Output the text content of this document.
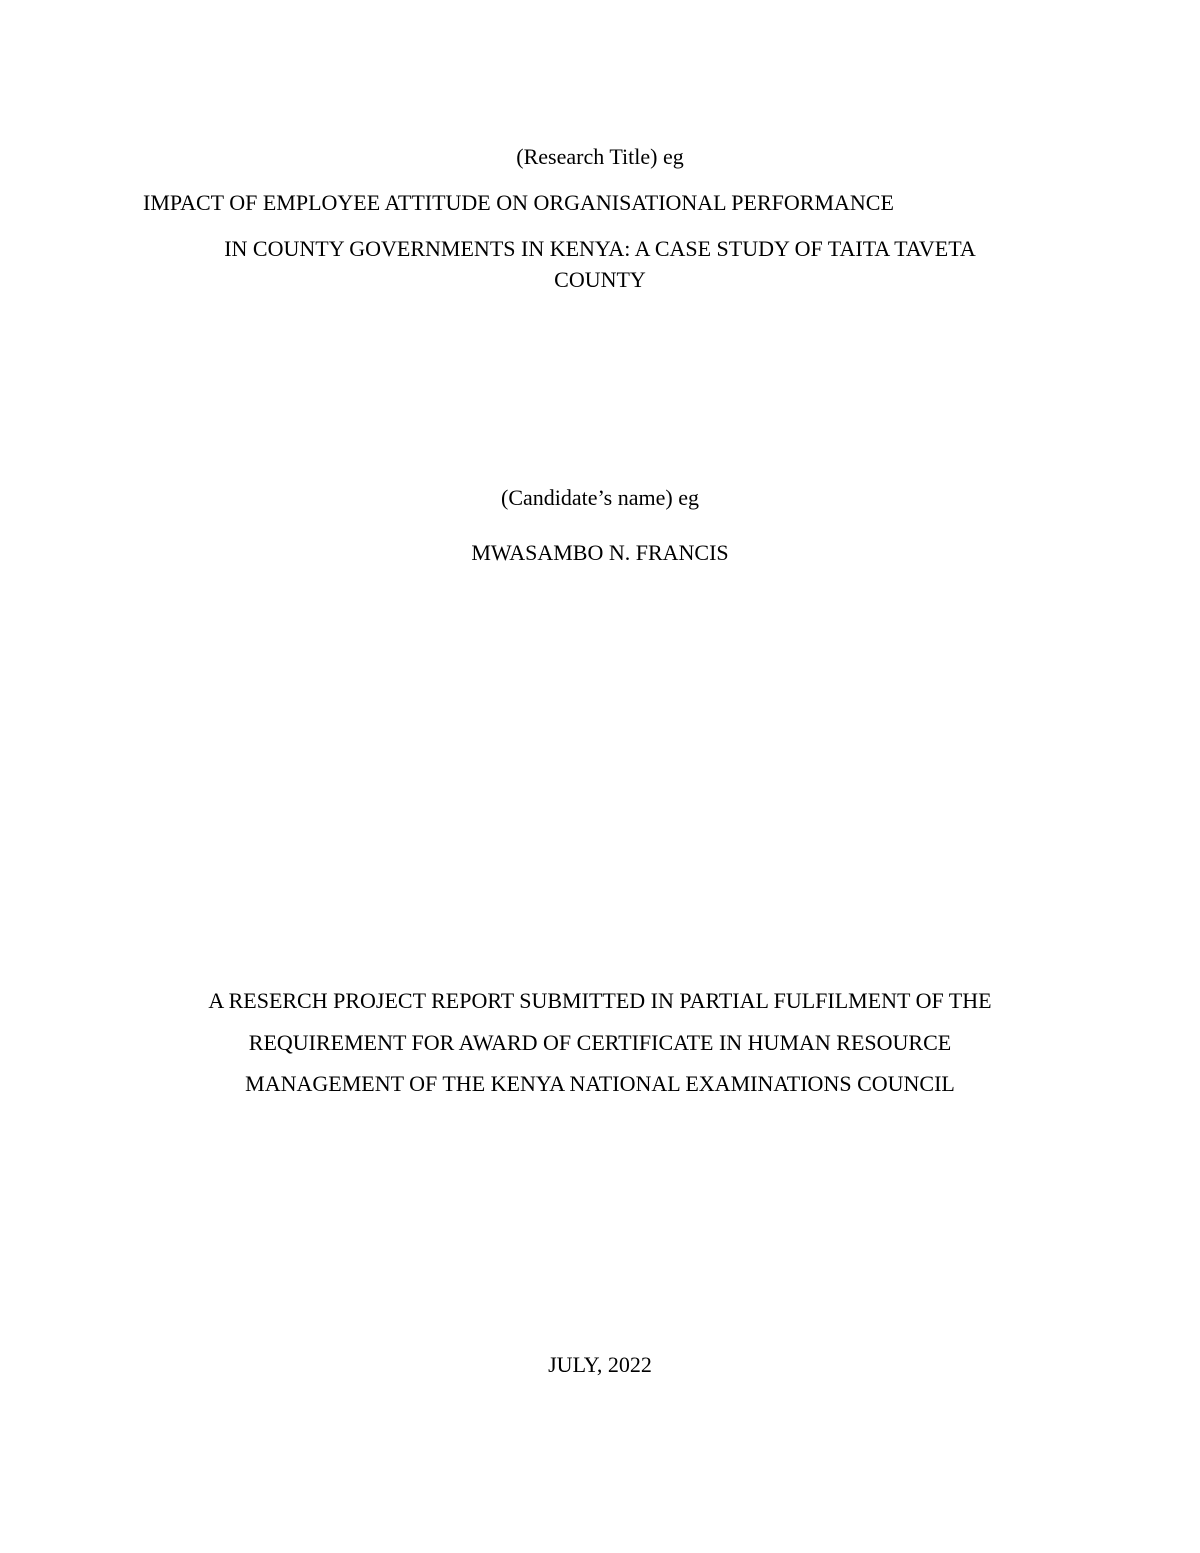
(Research Title) eg
IMPACT OF EMPLOYEE ATTITUDE ON ORGANISATIONAL PERFORMANCE
IN COUNTY GOVERNMENTS IN KENYA: A CASE STUDY OF TAITA TAVETA
COUNTY
(Candidate’s name) eg
MWASAMBO N. FRANCIS
A RESERCH PROJECT REPORT SUBMITTED IN PARTIAL FULFILMENT OF THE
REQUIREMENT FOR AWARD OF CERTIFICATE IN HUMAN RESOURCE
MANAGEMENT OF THE KENYA NATIONAL EXAMINATIONS COUNCIL
JULY, 2022
